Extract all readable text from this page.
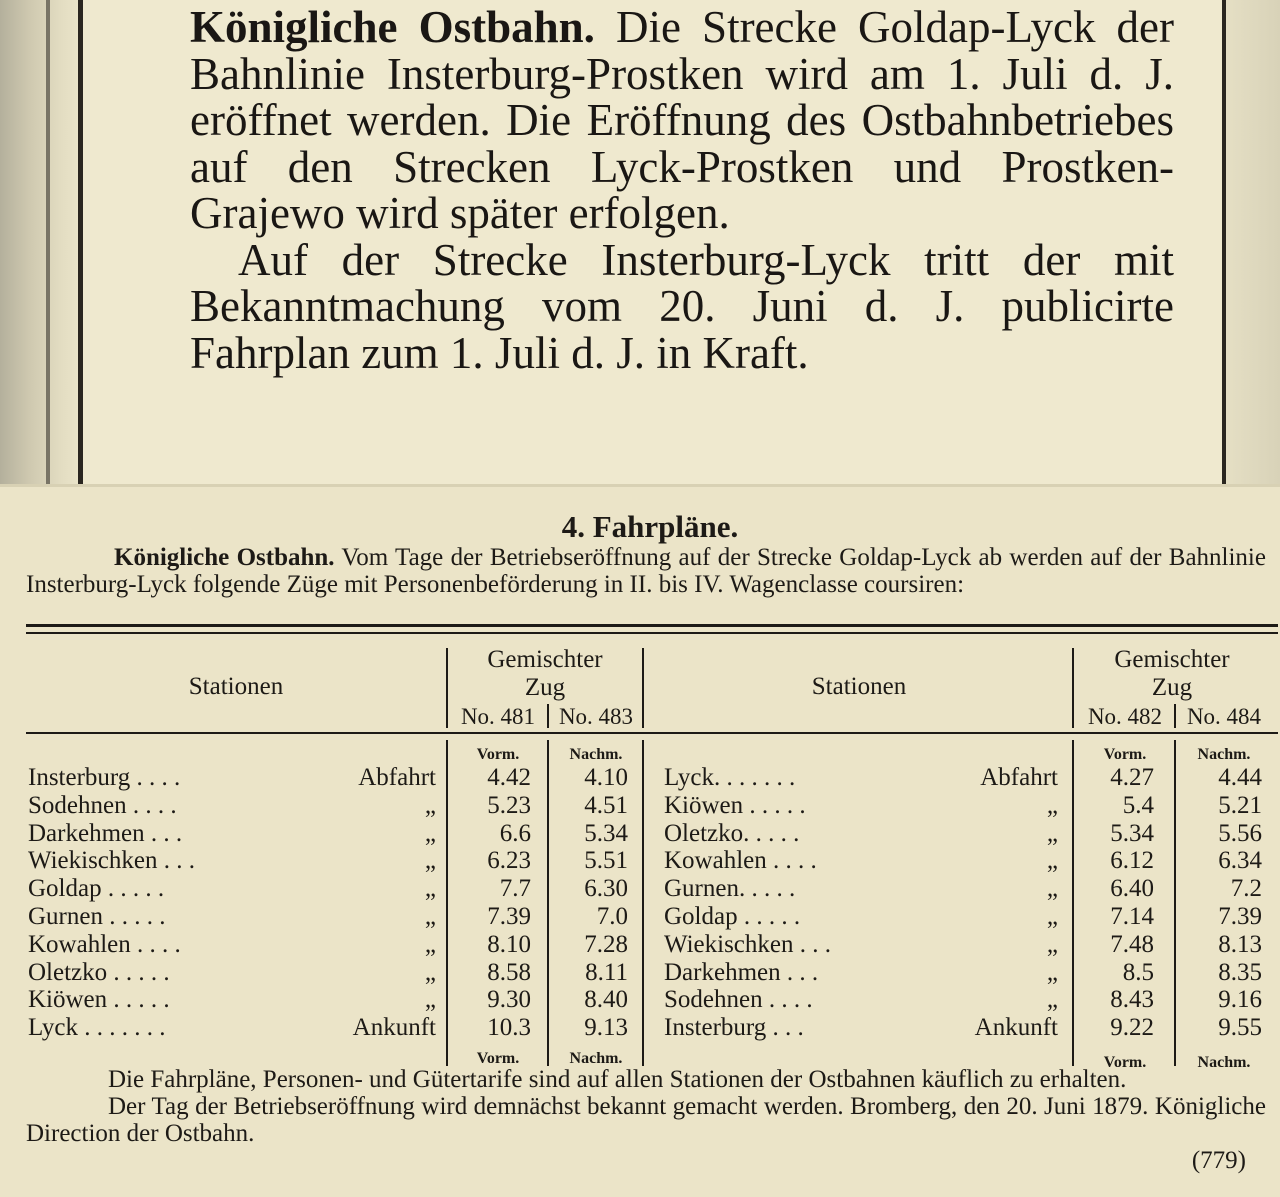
Königliche Ostbahn. Die Strecke Goldap-Lyck der Bahnlinie Insterburg-Prostken wird am 1. Juli d. J. eröffnet werden. Die Eröffnung des Ostbahnbetriebes auf den Strecken Lyck-Prostken und Prostken-Grajewo wird später erfolgen.

Auf der Strecke Insterburg-Lyck tritt der mit Bekanntmachung vom 20. Juni d. J. publicirte Fahrplan zum 1. Juli d. J. in Kraft.

4. Fahrpläne.

Königliche Ostbahn. Vom Tage der Betriebseröffnung auf der Strecke Goldap-Lyck ab werden auf der Bahnlinie Insterburg-Lyck folgende Züge mit Personenbeförderung in II. bis IV. Wagenclasse coursiren:

Stationen
Gemischter Zug
No. 481	No. 483
Stationen
Gemischter Zug
No. 482	No. 484
Vorm.	Nachm.	Vorm.	Nachm.
Insterburg . . . .	Abfahrt	4.42	4.10
Sodehnen . . . .	„	5.23	4.51
Darkehmen . . .	„	6.6	5.34
Wiekischken . . .	„	6.23	5.51
Goldap . . . . .	„	7.7	6.30
Gurnen . . . . .	„	7.39	7.0
Kowahlen . . . .	„	8.10	7.28
Oletzko . . . . .	„	8.58	8.11
Kiöwen . . . . .	„	9.30	8.40
Lyck . . . . . . .	Ankunft	10.3	9.13
Lyck. . . . . . .	Abfahrt	4.27	4.44
Kiöwen . . . . .	„	5.4	5.21
Oletzko. . . . .	„	5.34	5.56
Kowahlen . . . .	„	6.12	6.34
Gurnen. . . . .	„	6.40	7.2
Goldap . . . . .	„	7.14	7.39
Wiekischken . . .	„	7.48	8.13
Darkehmen . . .	„	8.5	8.35
Sodehnen . . . .	„	8.43	9.16
Insterburg . . .	Ankunft	9.22	9.55
Vorm.	Nachm.	Vorm.	Nachm.

Die Fahrpläne, Personen- und Gütertarife sind auf allen Stationen der Ostbahnen käuflich zu erhalten.

Der Tag der Betriebseröffnung wird demnächst bekannt gemacht werden. Bromberg, den 20. Juni 1879. Königliche Direction der Ostbahn.

(779)
